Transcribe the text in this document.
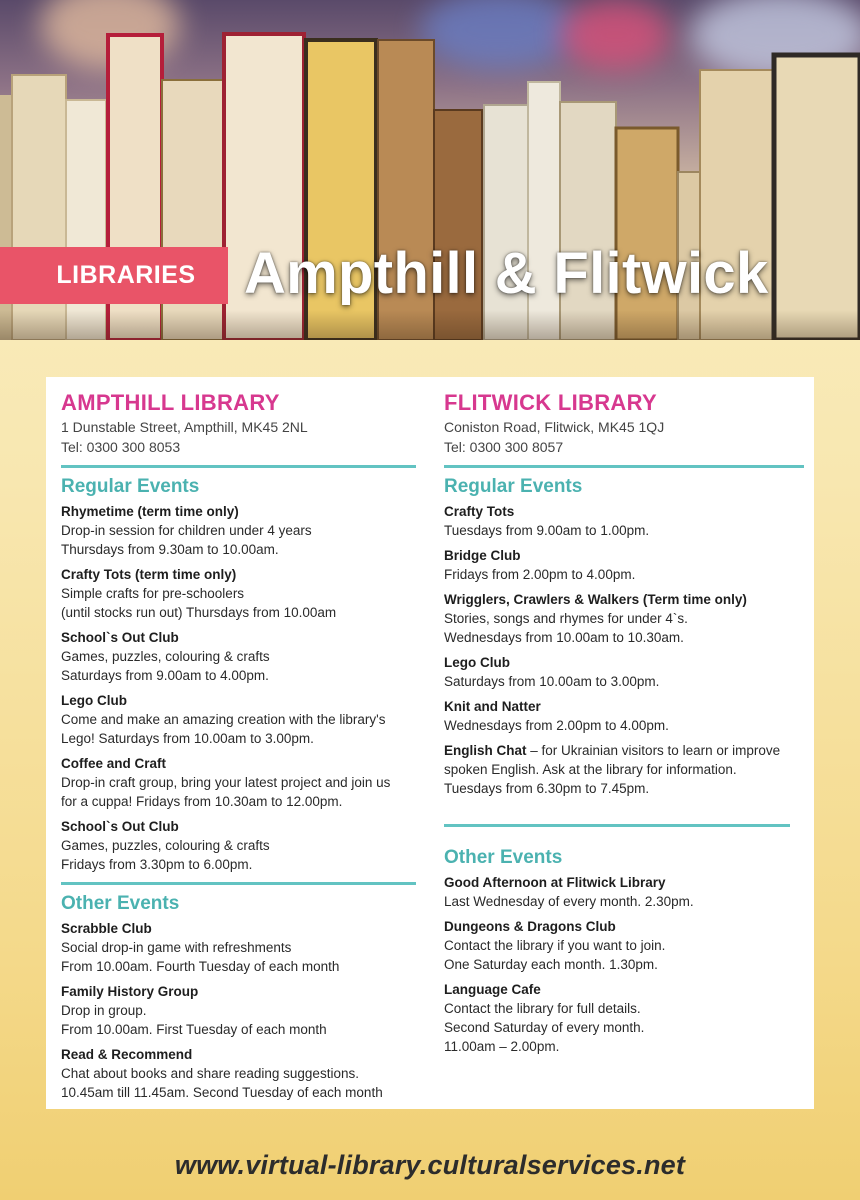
LIBRARIES Ampthill & Flitwick
AMPTHILL LIBRARY
1 Dunstable Street, Ampthill, MK45 2NL
Tel: 0300 300 8053
Regular Events
Rhymetime (term time only)
Drop-in session for children under 4 years
Thursdays from 9.30am to 10.00am.
Crafty Tots (term time only)
Simple crafts for pre-schoolers
(until stocks run out) Thursdays from 10.00am
School`s Out Club
Games, puzzles, colouring & crafts
Saturdays from 9.00am to 4.00pm.
Lego Club
Come and make an amazing creation with the library's
Lego! Saturdays from 10.00am to 3.00pm.
Coffee and Craft
Drop-in craft group, bring your latest project and join us
for a cuppa! Fridays from 10.30am to 12.00pm.
School`s Out Club
Games, puzzles, colouring & crafts
Fridays from 3.30pm to 6.00pm.
Other Events
Scrabble Club
Social drop-in game with refreshments
From 10.00am. Fourth Tuesday of each month
Family History Group
Drop in group.
From 10.00am. First Tuesday of each month
Read & Recommend
Chat about books and share reading suggestions.
10.45am till 11.45am. Second Tuesday of each month
FLITWICK LIBRARY
Coniston Road, Flitwick, MK45 1QJ
Tel: 0300 300 8057
Regular Events
Crafty Tots
Tuesdays from 9.00am to 1.00pm.
Bridge Club
Fridays from 2.00pm to 4.00pm.
Wrigglers, Crawlers & Walkers (Term time only)
Stories, songs and rhymes for under 4`s.
Wednesdays from 10.00am to 10.30am.
Lego Club
Saturdays from 10.00am to 3.00pm.
Knit and Natter
Wednesdays from 2.00pm to 4.00pm.
English Chat – for Ukrainian visitors to learn or improve
spoken English. Ask at the library for information.
Tuesdays from 6.30pm to 7.45pm.
Other Events
Good Afternoon at Flitwick Library
Last Wednesday of every month. 2.30pm.
Dungeons & Dragons Club
Contact the library if you want to join.
One Saturday each month. 1.30pm.
Language Cafe
Contact the library for full details.
Second Saturday of every month.
11.00am – 2.00pm.
www.virtual-library.culturalservices.net
